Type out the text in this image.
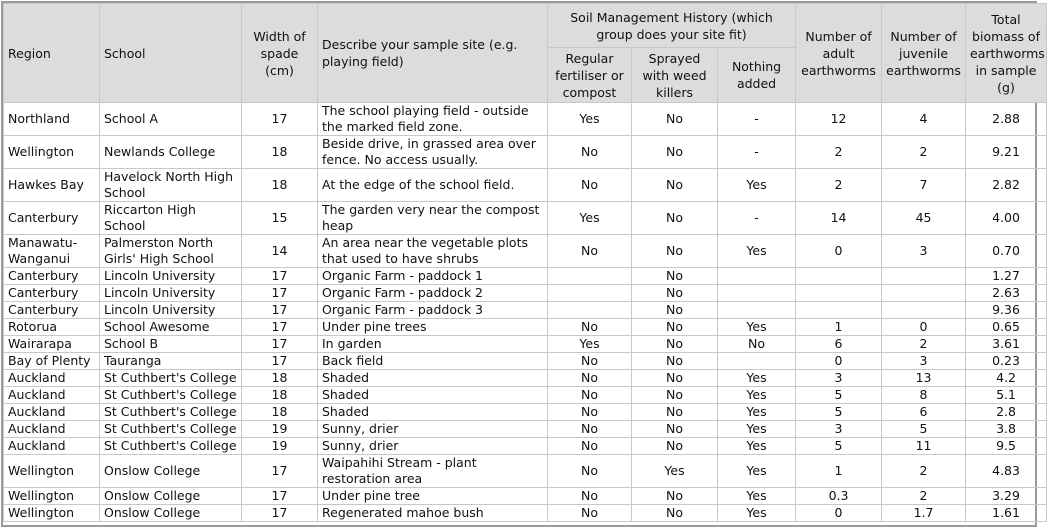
Region	School	Width of spade (cm)	Describe your sample site (e.g. playing field)	Soil Management History (which group does your site fit)			Number of adult earthworms	Number of juvenile earthworms	Total biomass of earthworms in sample (g)
				Regular fertiliser or compost	Sprayed with weed killers	Nothing added			
Northland	School A	17	The school playing field - outside the marked field zone.	Yes	No	-	12	4	2.88
Wellington	Newlands College	18	Beside drive, in grassed area over fence. No access usually.	No	No	-	2	2	9.21
Hawkes Bay	Havelock North High School	18	At the edge of the school field.	No	No	Yes	2	7	2.82
Canterbury	Riccarton High School	15	The garden very near the compost heap	Yes	No	-	14	45	4.00
Manawatu-Wanganui	Palmerston North Girls' High School	14	An area near the vegetable plots that used to have shrubs	No	No	Yes	0	3	0.70
Canterbury	Lincoln University	17	Organic Farm - paddock 1		No				1.27
Canterbury	Lincoln University	17	Organic Farm - paddock 2		No				2.63
Canterbury	Lincoln University	17	Organic Farm - paddock 3		No				9.36
Rotorua	School Awesome	17	Under pine trees	No	No	Yes	1	0	0.65
Wairarapa	School B	17	In garden	Yes	No	No	6	2	3.61
Bay of Plenty	Tauranga	17	Back field	No	No		0	3	0.23
Auckland	St Cuthbert's College	18	Shaded	No	No	Yes	3	13	4.2
Auckland	St Cuthbert's College	18	Shaded	No	No	Yes	5	8	5.1
Auckland	St Cuthbert's College	18	Shaded	No	No	Yes	5	6	2.8
Auckland	St Cuthbert's College	19	Sunny, drier	No	No	Yes	3	5	3.8
Auckland	St Cuthbert's College	19	Sunny, drier	No	No	Yes	5	11	9.5
Wellington	Onslow College	17	Waipahihi Stream - plant restoration area	No	Yes	Yes	1	2	4.83
Wellington	Onslow College	17	Under pine tree	No	No	Yes	0.3	2	3.29
Wellington	Onslow College	17	Regenerated mahoe bush	No	No	Yes	0	1.7	1.61
